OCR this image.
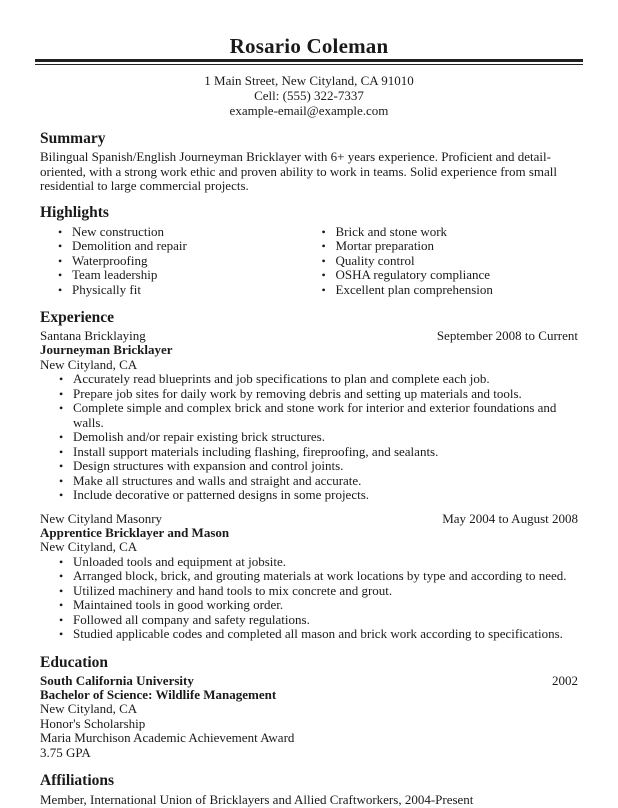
Rosario Coleman
1 Main Street, New Cityland, CA 91010
Cell: (555) 322-7337
example-email@example.com
Summary
Bilingual Spanish/English Journeyman Bricklayer with 6+ years experience. Proficient and detail-oriented, with a strong work ethic and proven ability to work in teams. Solid experience from small residential to large commercial projects.
Highlights
• New construction
• Demolition and repair
• Waterproofing
• Team leadership
• Physically fit
• Brick and stone work
• Mortar preparation
• Quality control
• OSHA regulatory compliance
• Excellent plan comprehension
Experience
Santana Bricklaying	September 2008 to Current
Journeyman Bricklayer
New Cityland, CA
• Accurately read blueprints and job specifications to plan and complete each job.
• Prepare job sites for daily work by removing debris and setting up materials and tools.
• Complete simple and complex brick and stone work for interior and exterior foundations and walls.
• Demolish and/or repair existing brick structures.
• Install support materials including flashing, fireproofing, and sealants.
• Design structures with expansion and control joints.
• Make all structures and walls and straight and accurate.
• Include decorative or patterned designs in some projects.
New Cityland Masonry	May 2004 to August 2008
Apprentice Bricklayer and Mason
New Cityland, CA
• Unloaded tools and equipment at jobsite.
• Arranged block, brick, and grouting materials at work locations by type and according to need.
• Utilized machinery and hand tools to mix concrete and grout.
• Maintained tools in good working order.
• Followed all company and safety regulations.
• Studied applicable codes and completed all mason and brick work according to specifications.
Education
South California University	2002
Bachelor of Science: Wildlife Management
New Cityland, CA
Honor's Scholarship
Maria Murchison Academic Achievement Award
3.75 GPA
Affiliations
Member, International Union of Bricklayers and Allied Craftworkers, 2004-Present
